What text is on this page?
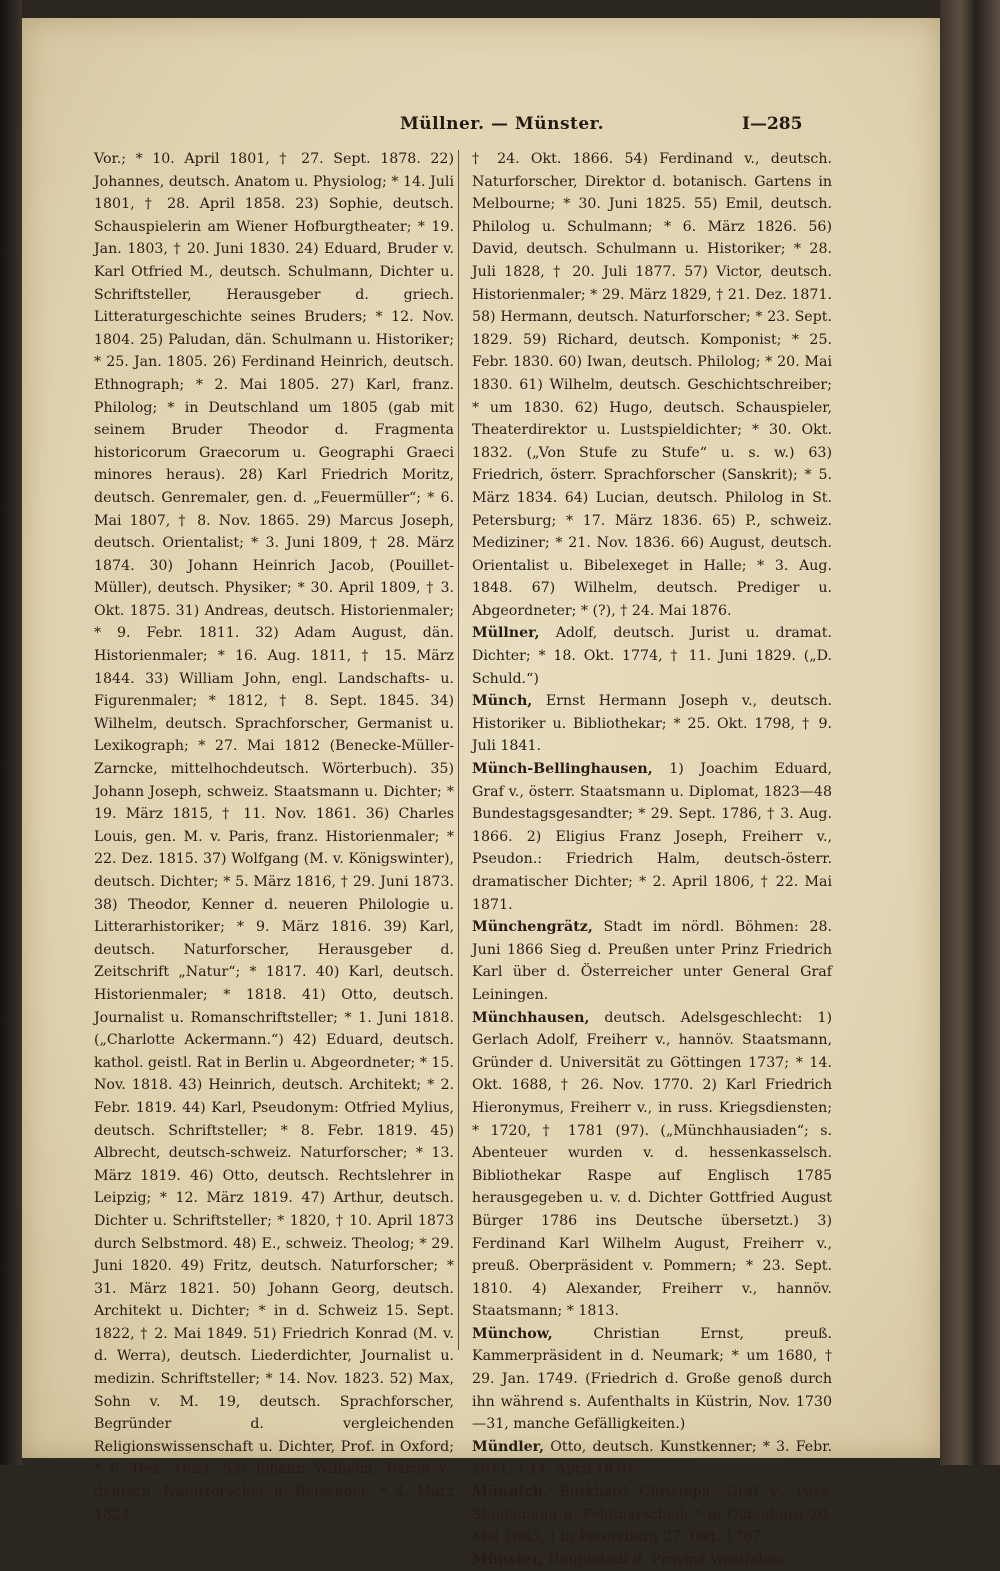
Müllner. — Münster.	I—285

Vor.; * 10. April 1801, † 27. Sept. 1878. 22) Johannes, deutsch. Anatom u. Physiolog; * 14. Juli 1801, † 28. April 1858. 23) Sophie, deutsch. Schauspielerin am Wiener Hofburgtheater; * 19. Jan. 1803, † 20. Juni 1830. 24) Eduard, Bruder v. Karl Otfried M., deutsch. Schulmann, Dichter u. Schriftsteller, Herausgeber d. griech. Litteraturgeschichte seines Bruders; * 12. Nov. 1804. 25) Paludan, dän. Schulmann u. Historiker; * 25. Jan. 1805. 26) Ferdinand Heinrich, deutsch. Ethnograph; * 2. Mai 1805. 27) Karl, franz. Philolog; * in Deutschland um 1805 (gab mit seinem Bruder Theodor d. Fragmenta historicorum Graecorum u. Geographi Graeci minores heraus). 28) Karl Friedrich Moritz, deutsch. Genremaler, gen. d. „Feuermüller“; * 6. Mai 1807, † 8. Nov. 1865. 29) Marcus Joseph, deutsch. Orientalist; * 3. Juni 1809, † 28. März 1874. 30) Johann Heinrich Jacob, (Pouillet-Müller), deutsch. Physiker; * 30. April 1809, † 3. Okt. 1875. 31) Andreas, deutsch. Historienmaler; * 9. Febr. 1811. 32) Adam August, dän. Historienmaler; * 16. Aug. 1811, † 15. März 1844. 33) William John, engl. Landschafts- u. Figurenmaler; * 1812, † 8. Sept. 1845. 34) Wilhelm, deutsch. Sprachforscher, Germanist u. Lexikograph; * 27. Mai 1812 (Benecke-Müller-Zarncke, mittelhochdeutsch. Wörterbuch). 35) Johann Joseph, schweiz. Staatsmann u. Dichter; * 19. März 1815, † 11. Nov. 1861. 36) Charles Louis, gen. M. v. Paris, franz. Historienmaler; * 22. Dez. 1815. 37) Wolfgang (M. v. Königswinter), deutsch. Dichter; * 5. März 1816, † 29. Juni 1873. 38) Theodor, Kenner d. neueren Philologie u. Litterarhistoriker; * 9. März 1816. 39) Karl, deutsch. Naturforscher, Herausgeber d. Zeitschrift „Natur“; * 1817. 40) Karl, deutsch. Historienmaler; * 1818. 41) Otto, deutsch. Journalist u. Romanschriftsteller; * 1. Juni 1818. („Charlotte Ackermann.“) 42) Eduard, deutsch. kathol. geistl. Rat in Berlin u. Abgeordneter; * 15. Nov. 1818. 43) Heinrich, deutsch. Architekt; * 2. Febr. 1819. 44) Karl, Pseudonym: Otfried Mylius, deutsch. Schriftsteller; * 8. Febr. 1819. 45) Albrecht, deutsch-schweiz. Naturforscher; * 13. März 1819. 46) Otto, deutsch. Rechtslehrer in Leipzig; * 12. März 1819. 47) Arthur, deutsch. Dichter u. Schriftsteller; * 1820, † 10. April 1873 durch Selbstmord. 48) E., schweiz. Theolog; * 29. Juni 1820. 49) Fritz, deutsch. Naturforscher; * 31. März 1821. 50) Johann Georg, deutsch. Architekt u. Dichter; * in d. Schweiz 15. Sept. 1822, † 2. Mai 1849. 51) Friedrich Konrad (M. v. d. Werra), deutsch. Liederdichter, Journalist u. medizin. Schriftsteller; * 14. Nov. 1823. 52) Max, Sohn v. M. 19, deutsch. Sprachforscher, Begründer d. vergleichenden Religionswissenschaft u. Dichter, Prof. in Oxford; * 6. Dez. 1823. 53) Johann Wilhelm, Baron v., deutsch. Naturforscher u. Reisender; * 4. März 1824,

† 24. Okt. 1866. 54) Ferdinand v., deutsch. Naturforscher, Direktor d. botanisch. Gartens in Melbourne; * 30. Juni 1825. 55) Emil, deutsch. Philolog u. Schulmann; * 6. März 1826. 56) David, deutsch. Schulmann u. Historiker; * 28. Juli 1828, † 20. Juli 1877. 57) Victor, deutsch. Historienmaler; * 29. März 1829, † 21. Dez. 1871. 58) Hermann, deutsch. Naturforscher; * 23. Sept. 1829. 59) Richard, deutsch. Komponist; * 25. Febr. 1830. 60) Iwan, deutsch. Philolog; * 20. Mai 1830. 61) Wilhelm, deutsch. Geschichtschreiber; * um 1830. 62) Hugo, deutsch. Schauspieler, Theaterdirektor u. Lustspieldichter; * 30. Okt. 1832. („Von Stufe zu Stufe“ u. s. w.) 63) Friedrich, österr. Sprachforscher (Sanskrit); * 5. März 1834. 64) Lucian, deutsch. Philolog in St. Petersburg; * 17. März 1836. 65) P., schweiz. Mediziner; * 21. Nov. 1836. 66) August, deutsch. Orientalist u. Bibelexeget in Halle; * 3. Aug. 1848. 67) Wilhelm, deutsch. Prediger u. Abgeordneter; * (?), † 24. Mai 1876.

Müllner, Adolf, deutsch. Jurist u. dramat. Dichter; * 18. Okt. 1774, † 11. Juni 1829. („D. Schuld.“)

Münch, Ernst Hermann Joseph v., deutsch. Historiker u. Bibliothekar; * 25. Okt. 1798, † 9. Juli 1841.

Münch-Bellinghausen, 1) Joachim Eduard, Graf v., österr. Staatsmann u. Diplomat, 1823—48 Bundestagsgesandter; * 29. Sept. 1786, † 3. Aug. 1866. 2) Eligius Franz Joseph, Freiherr v., Pseudon.: Friedrich Halm, deutsch-österr. dramatischer Dichter; * 2. April 1806, † 22. Mai 1871.

Münchengrätz, Stadt im nördl. Böhmen: 28. Juni 1866 Sieg d. Preußen unter Prinz Friedrich Karl über d. Österreicher unter General Graf Leiningen.

Münchhausen, deutsch. Adelsgeschlecht: 1) Gerlach Adolf, Freiherr v., hannöv. Staatsmann, Gründer d. Universität zu Göttingen 1737; * 14. Okt. 1688, † 26. Nov. 1770. 2) Karl Friedrich Hieronymus, Freiherr v., in russ. Kriegsdiensten; * 1720, † 1781 (97). („Münchhausiaden“; s. Abenteuer wurden v. d. hessenkasselsch. Bibliothekar Raspe auf Englisch 1785 herausgegeben u. v. d. Dichter Gottfried August Bürger 1786 ins Deutsche übersetzt.) 3) Ferdinand Karl Wilhelm August, Freiherr v., preuß. Oberpräsident v. Pommern; * 23. Sept. 1810. 4) Alexander, Freiherr v., hannöv. Staatsmann; * 1813.

Münchow,	Christian Ernst, preuß. Kammerpräsident in d. Neumark; * um 1680, † 29. Jan. 1749. (Friedrich d. Große genoß durch ihn während s. Aufenthalts in Küstrin, Nov. 1730—31, manche Gefälligkeiten.)

Mündler, Otto, deutsch. Kunstkenner; * 3. Febr. 1811, † 14. April 1870.

Münnich, Burkhard Christoph, Graf v., russ. Staatsmann u. Feldmarschall; * in Oldenburg 20. Mai 1683, † in Petersburg 27. Okt. 1767.

Münster, Hauptstadt d. Provinz Westfalen:
